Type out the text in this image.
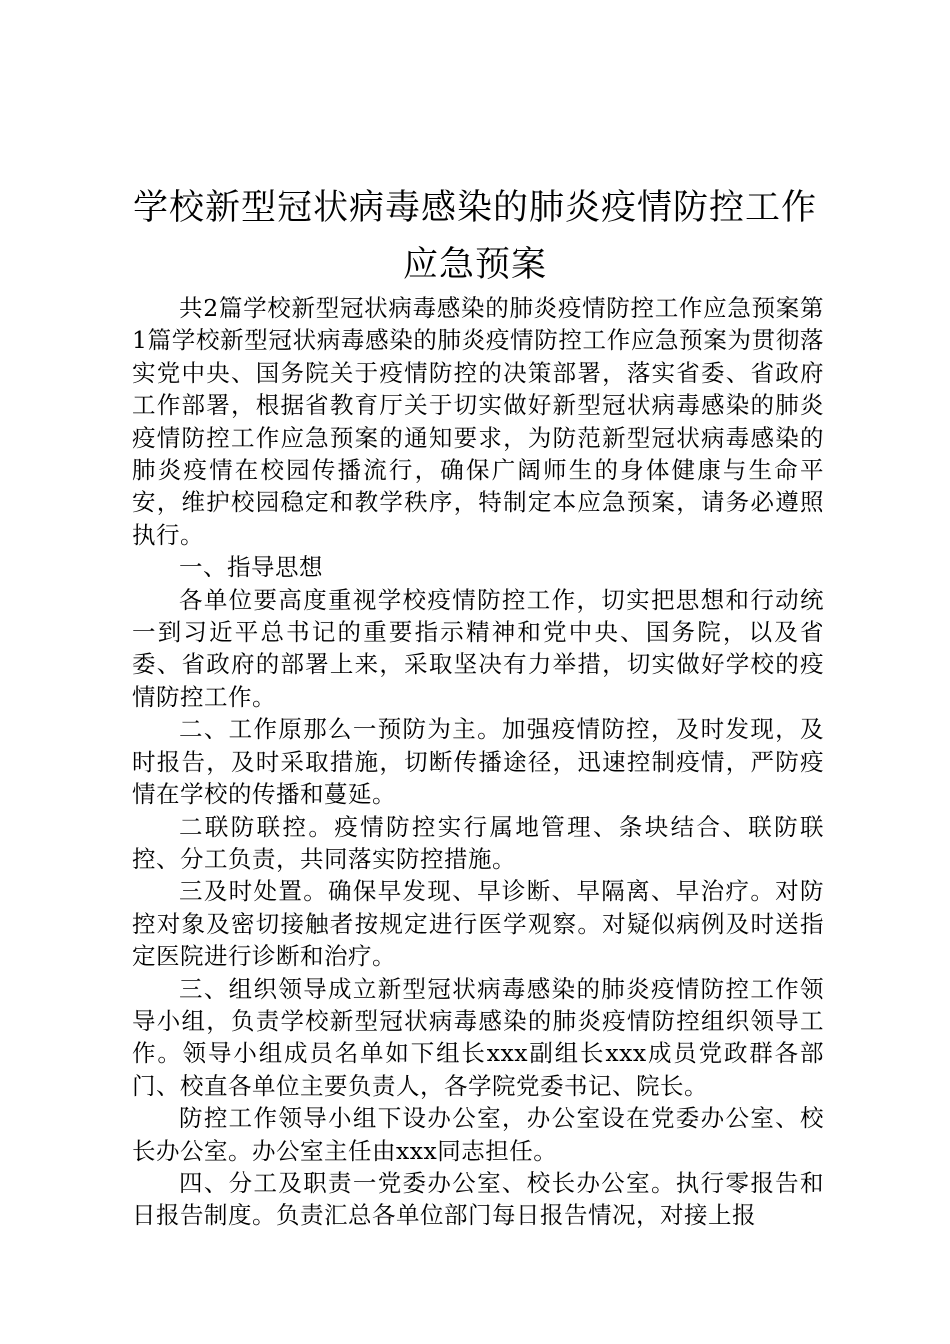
学校新型冠状病毒感染的肺炎疫情防控工作
应急预案

共2篇学校新型冠状病毒感染的肺炎疫情防控工作应急预案第1篇学校新型冠状病毒感染的肺炎疫情防控工作应急预案为贯彻落实党中央、国务院关于疫情防控的决策部署，落实省委、省政府工作部署，根据省教育厅关于切实做好新型冠状病毒感染的肺炎疫情防控工作应急预案的通知要求，为防范新型冠状病毒感染的肺炎疫情在校园传播流行，确保广阔师生的身体健康与生命平安，维护校园稳定和教学秩序，特制定本应急预案，请务必遵照执行。

一、指导思想

各单位要高度重视学校疫情防控工作，切实把思想和行动统一到习近平总书记的重要指示精神和党中央、国务院，以及省委、省政府的部署上来，采取坚决有力举措，切实做好学校的疫情防控工作。

二、工作原那么一预防为主。加强疫情防控，及时发现，及时报告，及时采取措施，切断传播途径，迅速控制疫情，严防疫情在学校的传播和蔓延。

二联防联控。疫情防控实行属地管理、条块结合、联防联控、分工负责，共同落实防控措施。

三及时处置。确保早发现、早诊断、早隔离、早治疗。对防控对象及密切接触者按规定进行医学观察。对疑似病例及时送指定医院进行诊断和治疗。

三、组织领导成立新型冠状病毒感染的肺炎疫情防控工作领导小组，负责学校新型冠状病毒感染的肺炎疫情防控组织领导工作。领导小组成员名单如下组长xxx副组长xxx成员党政群各部门、校直各单位主要负责人，各学院党委书记、院长。

防控工作领导小组下设办公室，办公室设在党委办公室、校长办公室。办公室主任由xxx同志担任。

四、分工及职责一党委办公室、校长办公室。执行零报告和日报告制度。负责汇总各单位部门每日报告情况，对接上报
